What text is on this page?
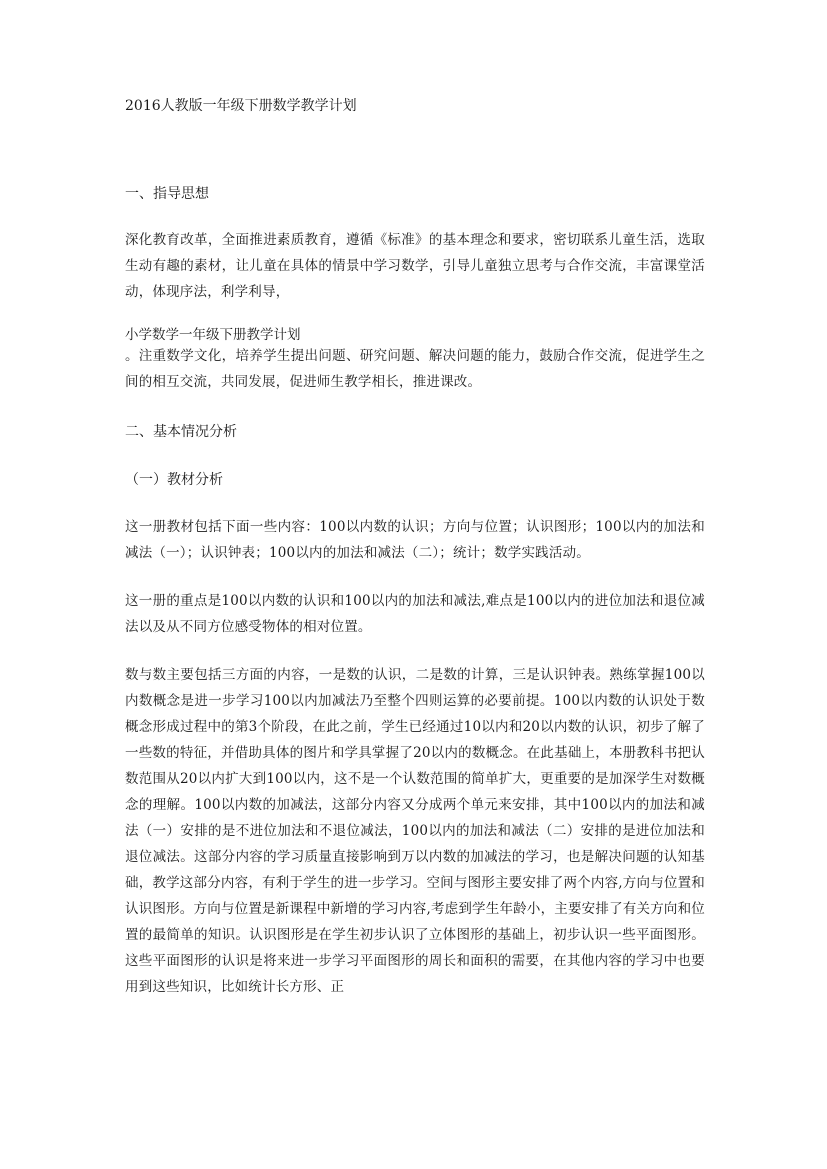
2016人教版一年级下册数学教学计划

一、指导思想

深化教育改革，全面推进素质教育，遵循《标准》的基本理念和要求，密切联系儿童生活，选取生动有趣的素材，让儿童在具体的情景中学习数学，引导儿童独立思考与合作交流，丰富课堂活动，体现序法，利学利导，

小学数学一年级下册教学计划

。注重数学文化，培养学生提出问题、研究问题、解决问题的能力，鼓励合作交流，促进学生之间的相互交流，共同发展，促进师生教学相长，推进课改。

二、基本情况分析

（一）教材分析

这一册教材包括下面一些内容：100以内数的认识；方向与位置；认识图形；100以内的加法和减法（一）；认识钟表；100以内的加法和减法（二）；统计；数学实践活动。

这一册的重点是100以内数的认识和100以内的加法和减法,难点是100以内的进位加法和退位减法以及从不同方位感受物体的相对位置。

数与数主要包括三方面的内容，一是数的认识，二是数的计算，三是认识钟表。熟练掌握100以内数概念是进一步学习100以内加减法乃至整个四则运算的必要前提。100以内数的认识处于数概念形成过程中的第3个阶段，在此之前，学生已经通过10以内和20以内数的认识，初步了解了一些数的特征，并借助具体的图片和学具掌握了20以内的数概念。在此基础上，本册教科书把认数范围从20以内扩大到100以内，这不是一个认数范围的简单扩大，更重要的是加深学生对数概念的理解。100以内数的加减法，这部分内容又分成两个单元来安排，其中100以内的加法和减法（一）安排的是不进位加法和不退位减法，100以内的加法和减法（二）安排的是进位加法和退位减法。这部分内容的学习质量直接影响到万以内数的加减法的学习，也是解决问题的认知基础，教学这部分内容，有利于学生的进一步学习。空间与图形主要安排了两个内容,方向与位置和认识图形。方向与位置是新课程中新增的学习内容,考虑到学生年龄小，主要安排了有关方向和位置的最简单的知识。认识图形是在学生初步认识了立体图形的基础上，初步认识一些平面图形。这些平面图形的认识是将来进一步学习平面图形的周长和面积的需要，在其他内容的学习中也要用到这些知识，比如统计长方形、正
